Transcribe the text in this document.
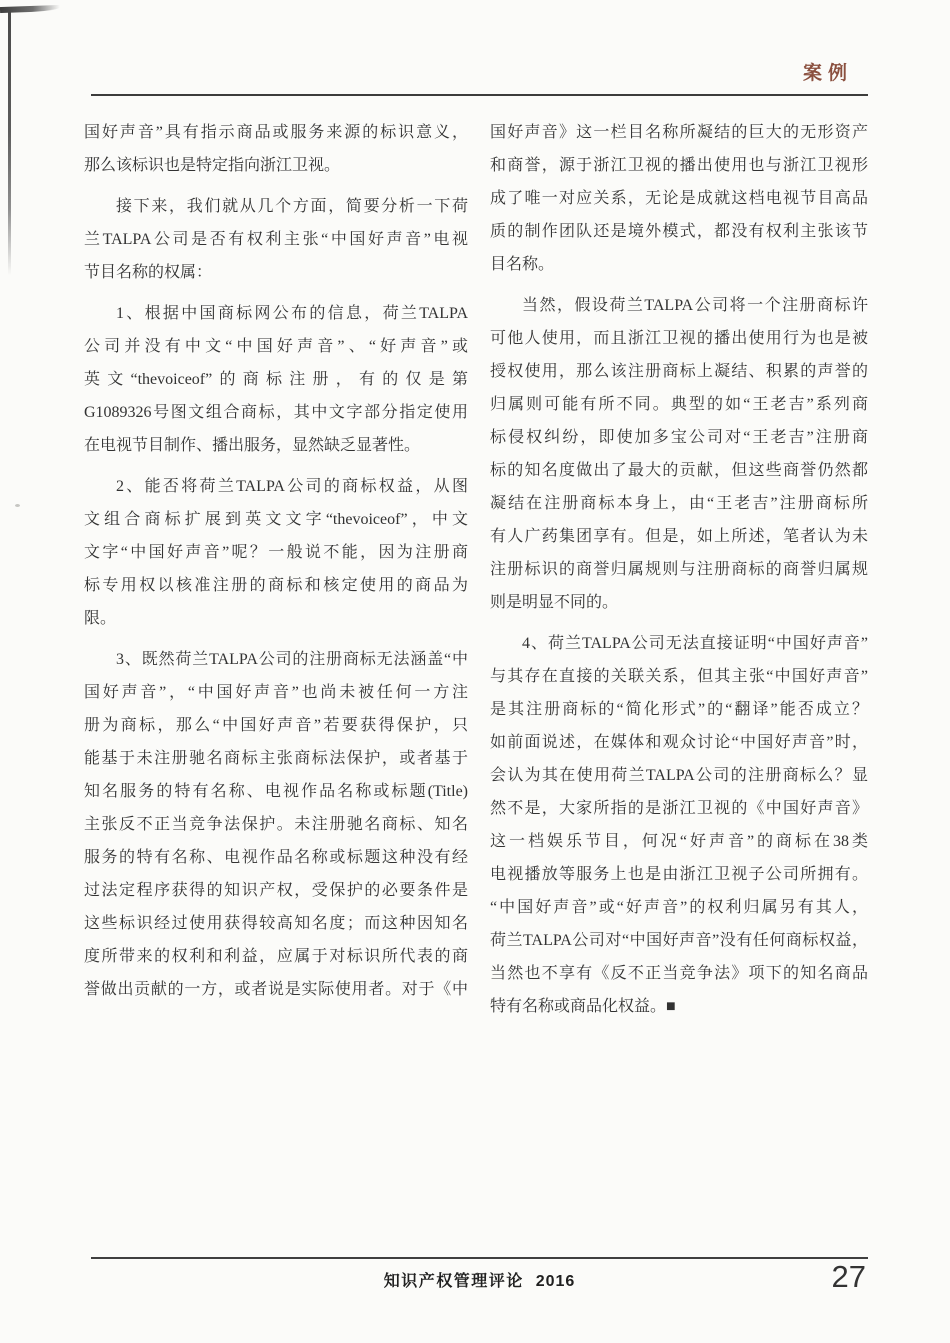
案例
国好声音”具有指示商品或服务来源的标识意义，
那么该标识也是特定指向浙江卫视。
接下来，我们就从几个方面，简要分析一下荷
兰TALPA公司是否有权利主张“中国好声音”电视
节目名称的权属：
1、根据中国商标网公布的信息，荷兰TALPA
公司并没有中文“中国好声音”、“好声音”或
英文“thevoiceof”的商标注册，有的仅是第
G1089326号图文组合商标，其中文字部分指定使用
在电视节目制作、播出服务，显然缺乏显著性。
2、能否将荷兰TALPA公司的商标权益，从图
文组合商标扩展到英文文字“thevoiceof”，中文
文字“中国好声音”呢？一般说不能，因为注册商
标专用权以核准注册的商标和核定使用的商品为
限。
3、既然荷兰TALPA公司的注册商标无法涵盖“中
国好声音”，“中国好声音”也尚未被任何一方注
册为商标，那么“中国好声音”若要获得保护，只
能基于未注册驰名商标主张商标法保护，或者基于
知名服务的特有名称、电视作品名称或标题(Title)
主张反不正当竞争法保护。未注册驰名商标、知名
服务的特有名称、电视作品名称或标题这种没有经
过法定程序获得的知识产权，受保护的必要条件是
这些标识经过使用获得较高知名度；而这种因知名
度所带来的权利和利益，应属于对标识所代表的商
誉做出贡献的一方，或者说是实际使用者。对于《中
国好声音》这一栏目名称所凝结的巨大的无形资产
和商誉，源于浙江卫视的播出使用也与浙江卫视形
成了唯一对应关系，无论是成就这档电视节目高品
质的制作团队还是境外模式，都没有权利主张该节
目名称。
当然，假设荷兰TALPA公司将一个注册商标许
可他人使用，而且浙江卫视的播出使用行为也是被
授权使用，那么该注册商标上凝结、积累的声誉的
归属则可能有所不同。典型的如“王老吉”系列商
标侵权纠纷，即使加多宝公司对“王老吉”注册商
标的知名度做出了最大的贡献，但这些商誉仍然都
凝结在注册商标本身上，由“王老吉”注册商标所
有人广药集团享有。但是，如上所述，笔者认为未
注册标识的商誉归属规则与注册商标的商誉归属规
则是明显不同的。
4、荷兰TALPA公司无法直接证明“中国好声音”
与其存在直接的关联关系，但其主张“中国好声音”
是其注册商标的“简化形式”的“翻译”能否成立？
如前面说述，在媒体和观众讨论“中国好声音”时，
会认为其在使用荷兰TALPA公司的注册商标么？显
然不是，大家所指的是浙江卫视的《中国好声音》
这一档娱乐节目，何况“好声音”的商标在38类
电视播放等服务上也是由浙江卫视子公司所拥有。
“中国好声音”或“好声音”的权利归属另有其人，
荷兰TALPA公司对“中国好声音”没有任何商标权益，
当然也不享有《反不正当竞争法》项下的知名商品
特有名称或商品化权益。■
知识产权管理评论 2016	27
